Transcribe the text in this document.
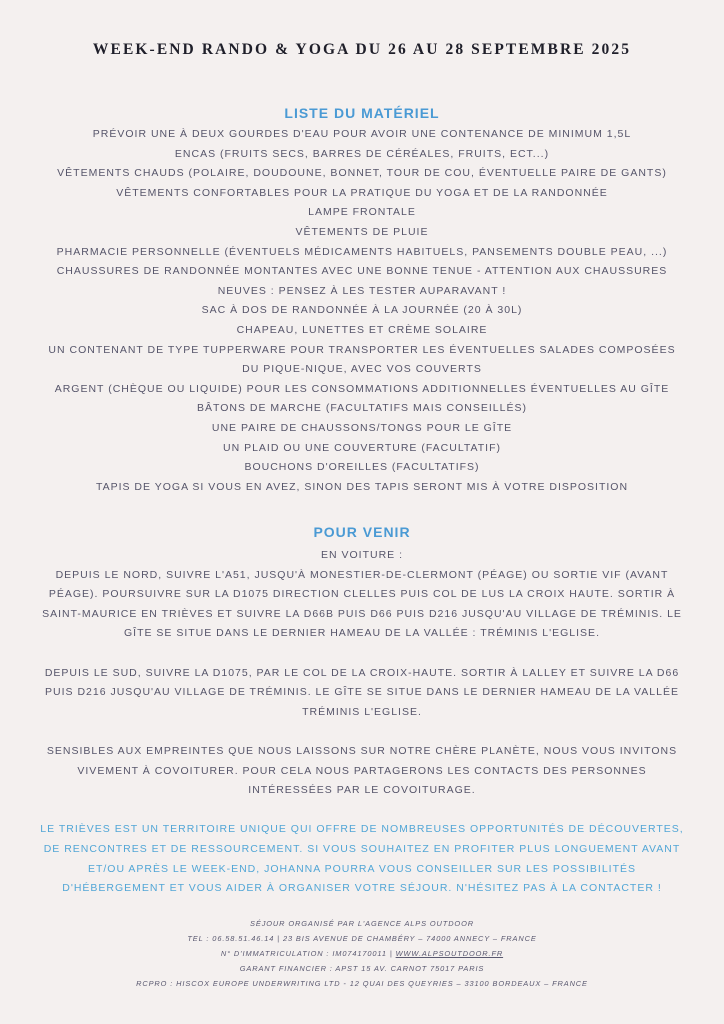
WEEK-END RANDO & YOGA DU 26 AU 28 SEPTEMBRE 2025
LISTE DU MATÉRIEL
PRÉVOIR UNE À DEUX GOURDES D'EAU POUR AVOIR UNE CONTENANCE DE MINIMUM 1,5L
ENCAS (FRUITS SECS, BARRES DE CÉRÉALES, FRUITS, ECT...)
VÊTEMENTS CHAUDS (POLAIRE, DOUDOUNE, BONNET, TOUR DE COU, ÉVENTUELLE PAIRE DE GANTS)
VÊTEMENTS CONFORTABLES POUR LA PRATIQUE DU YOGA ET DE LA RANDONNÉE
LAMPE FRONTALE
VÊTEMENTS DE PLUIE
PHARMACIE PERSONNELLE (ÉVENTUELS MÉDICAMENTS HABITUELS, PANSEMENTS DOUBLE PEAU, ...)
CHAUSSURES DE RANDONNÉE MONTANTES AVEC UNE BONNE TENUE - ATTENTION AUX CHAUSSURES
NEUVES : PENSEZ À LES TESTER AUPARAVANT !
SAC À DOS DE RANDONNÉE À LA JOURNÉE (20 À 30L)
CHAPEAU, LUNETTES ET CRÈME SOLAIRE
UN CONTENANT DE TYPE TUPPERWARE POUR TRANSPORTER LES ÉVENTUELLES SALADES COMPOSÉES
DU PIQUE-NIQUE, AVEC VOS COUVERTS
ARGENT (CHÈQUE OU LIQUIDE) POUR LES CONSOMMATIONS ADDITIONNELLES ÉVENTUELLES AU GÎTE
BÂTONS DE MARCHE (FACULTATIFS MAIS CONSEILLÉS)
UNE PAIRE DE CHAUSSONS/TONGS POUR LE GÎTE
UN PLAID OU UNE COUVERTURE (FACULTATIF)
BOUCHONS D'OREILLES (FACULTATIFS)
TAPIS DE YOGA SI VOUS EN AVEZ, SINON DES TAPIS SERONT MIS À VOTRE DISPOSITION
POUR VENIR
EN VOITURE :
DEPUIS LE NORD, SUIVRE L'A51, JUSQU'À MONESTIER-DE-CLERMONT (PÉAGE) OU SORTIE VIF (AVANT
PÉAGE). POURSUIVRE SUR LA D1075 DIRECTION CLELLES PUIS COL DE LUS LA CROIX HAUTE. SORTIR À
SAINT-MAURICE EN TRIÈVES ET SUIVRE LA D66B PUIS D66 PUIS D216 JUSQU'AU VILLAGE DE TRÉMINIS. LE
GÎTE SE SITUE DANS LE DERNIER HAMEAU DE LA VALLÉE : TRÉMINIS L'EGLISE.
DEPUIS LE SUD, SUIVRE LA D1075, PAR LE COL DE LA CROIX-HAUTE. SORTIR À LALLEY ET SUIVRE LA D66
PUIS D216 JUSQU'AU VILLAGE DE TRÉMINIS. LE GÎTE SE SITUE DANS LE DERNIER HAMEAU DE LA VALLÉE
TRÉMINIS L'EGLISE.
SENSIBLES AUX EMPREINTES QUE NOUS LAISSONS SUR NOTRE CHÈRE PLANÈTE, NOUS VOUS INVITONS
VIVEMENT À COVOITURER. POUR CELA NOUS PARTAGERONS LES CONTACTS DES PERSONNES
INTÉRESSÉES PAR LE COVOITURAGE.
LE TRIÈVES EST UN TERRITOIRE UNIQUE QUI OFFRE DE NOMBREUSES OPPORTUNITÉS DE DÉCOUVERTES,
DE RENCONTRES ET DE RESSOURCEMENT. SI VOUS SOUHAITEZ EN PROFITER PLUS LONGUEMENT AVANT
ET/OU APRÈS LE WEEK-END, JOHANNA POURRA VOUS CONSEILLER SUR LES POSSIBILITÉS
D'HÉBERGEMENT ET VOUS AIDER À ORGANISER VOTRE SÉJOUR. N'HÉSITEZ PAS À LA CONTACTER !
SÉJOUR ORGANISÉ PAR L'AGENCE ALPS OUTDOOR
TEL : 06.58.51.46.14 | 23 BIS AVENUE DE CHAMBÉRY – 74000 ANNECY – FRANCE
N° D'IMMATRICULATION : IM074170011 | WWW.ALPSOUTDOOR.FR
GARANT FINANCIER : APST 15 AV. CARNOT 75017 PARIS
RCPRO : HISCOX EUROPE UNDERWRITING LTD - 12 QUAI DES QUEYRIES – 33100 BORDEAUX – FRANCE
